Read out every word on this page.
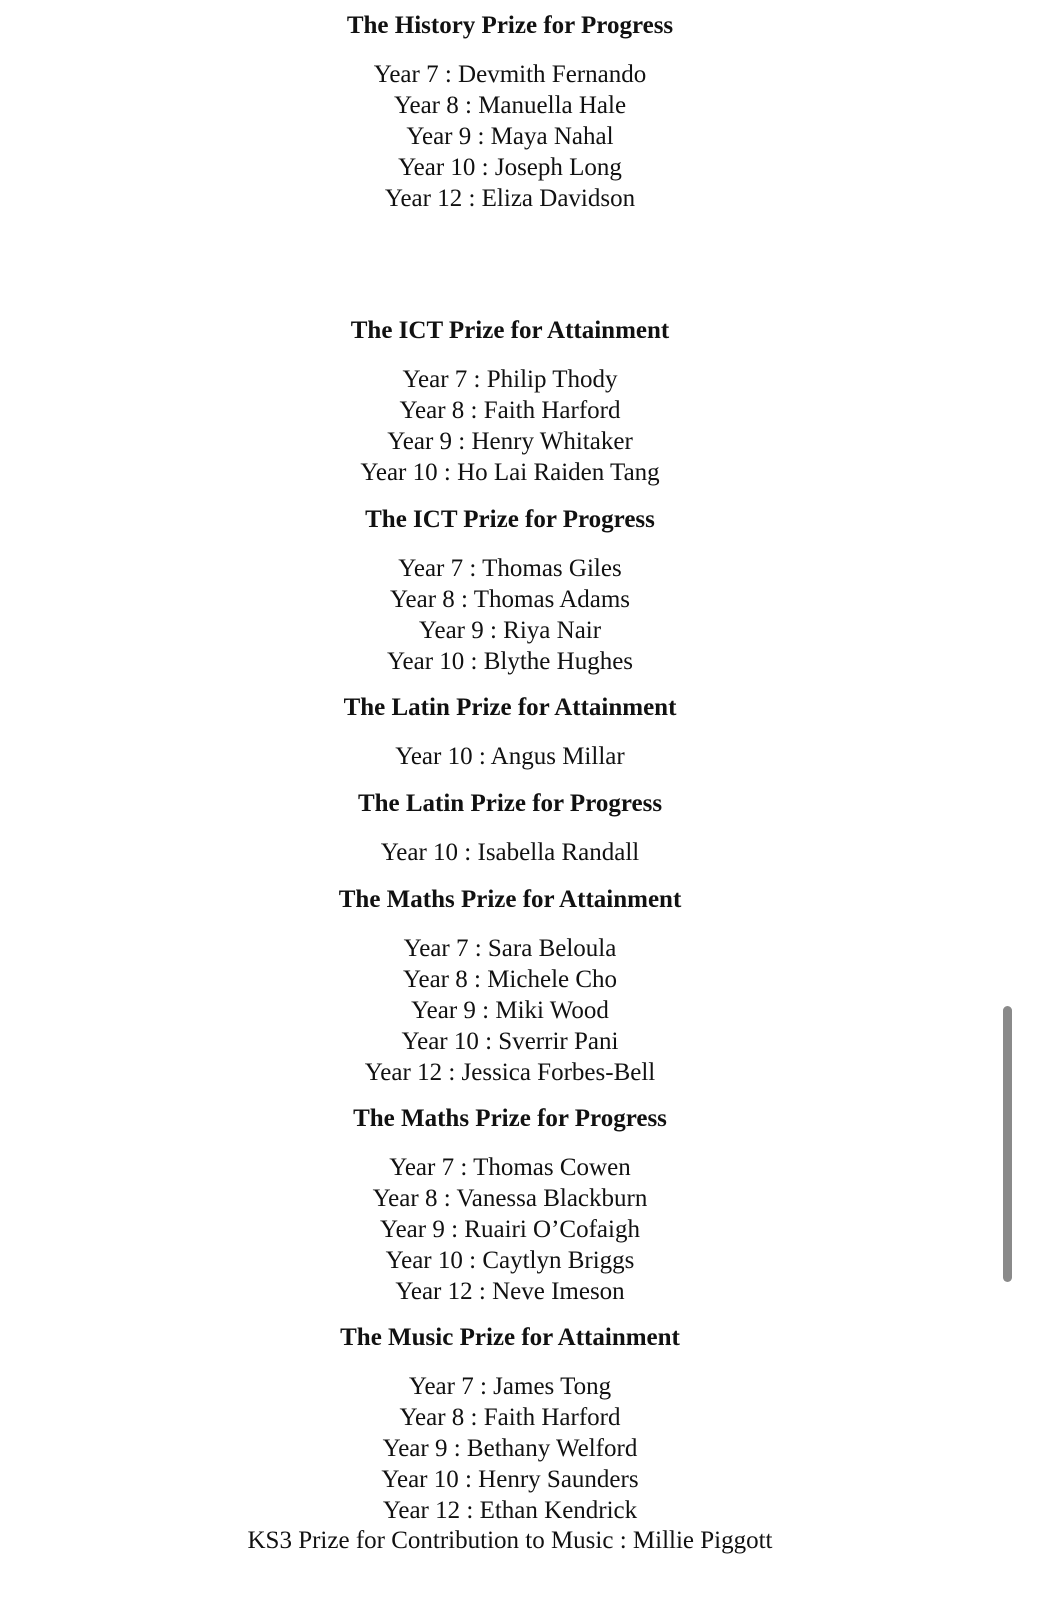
The History Prize for Progress
Year 7 : Devmith Fernando
Year 8 : Manuella Hale
Year 9 : Maya Nahal
Year 10 : Joseph Long
Year 12 : Eliza Davidson
The ICT Prize for Attainment
Year 7 : Philip Thody
Year 8 : Faith Harford
Year 9 : Henry Whitaker
Year 10 : Ho Lai Raiden Tang
The ICT Prize for Progress
Year 7 : Thomas Giles
Year 8 : Thomas Adams
Year 9 : Riya Nair
Year 10 : Blythe Hughes
The Latin Prize for Attainment
Year 10 : Angus Millar
The Latin Prize for Progress
Year 10 : Isabella Randall
The Maths Prize for Attainment
Year 7 : Sara Beloula
Year 8 : Michele Cho
Year 9 : Miki Wood
Year 10 : Sverrir Pani
Year 12 : Jessica Forbes-Bell
The Maths Prize for Progress
Year 7 : Thomas Cowen
Year 8 : Vanessa Blackburn
Year 9 : Ruairi O’Cofaigh
Year 10 : Caytlyn Briggs
Year 12 : Neve Imeson
The Music Prize for Attainment
Year 7 : James Tong
Year 8 : Faith Harford
Year 9 : Bethany Welford
Year 10 : Henry Saunders
Year 12 : Ethan Kendrick
KS3 Prize for Contribution to Music : Millie Piggott
